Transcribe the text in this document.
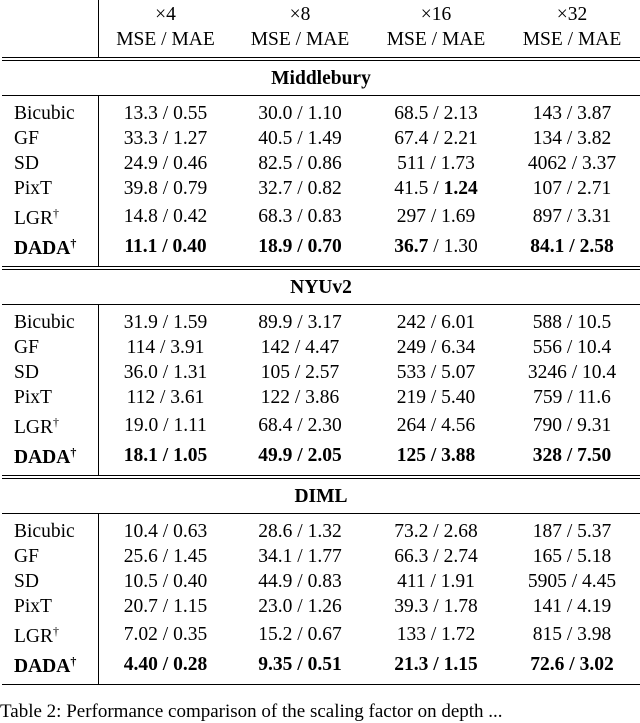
	×4	×8	×16	×32
	MSE / MAE	MSE / MAE	MSE / MAE	MSE / MAE

Middlebury				

Bicubic	13.3 / 0.55	30.0 / 1.10	68.5 / 2.13	143 / 3.87
GF	33.3 / 1.27	40.5 / 1.49	67.4 / 2.21	134 / 3.82
SD	24.9 / 0.46	82.5 / 0.86	511 / 1.73	4062 / 3.37
PixT	39.8 / 0.79	32.7 / 0.82	41.5 / 1.24	107 / 2.71
LGR†	14.8 / 0.42	68.3 / 0.83	297 / 1.69	897 / 3.31
DADA†	11.1 / 0.40	18.9 / 0.70	36.7 / 1.30	84.1 / 2.58

NYUv2				

Bicubic	31.9 / 1.59	89.9 / 3.17	242 / 6.01	588 / 10.5
GF	114 / 3.91	142 / 4.47	249 / 6.34	556 / 10.4
SD	36.0 / 1.31	105 / 2.57	533 / 5.07	3246 / 10.4
PixT	112 / 3.61	122 / 3.86	219 / 5.40	759 / 11.6
LGR†	19.0 / 1.11	68.4 / 2.30	264 / 4.56	790 / 9.31
DADA†	18.1 / 1.05	49.9 / 2.05	125 / 3.88	328 / 7.50

DIML				

Bicubic	10.4 / 0.63	28.6 / 1.32	73.2 / 2.68	187 / 5.37
GF	25.6 / 1.45	34.1 / 1.77	66.3 / 2.74	165 / 5.18
SD	10.5 / 0.40	44.9 / 0.83	411 / 1.91	5905 / 4.45
PixT	20.7 / 1.15	23.0 / 1.26	39.3 / 1.78	141 / 4.19
LGR†	7.02 / 0.35	15.2 / 0.67	133 / 1.72	815 / 3.98
DADA†	4.40 / 0.28	9.35 / 0.51	21.3 / 1.15	72.6 / 3.02

Table 2: Performance comparison of the scaling factor on depth ...
